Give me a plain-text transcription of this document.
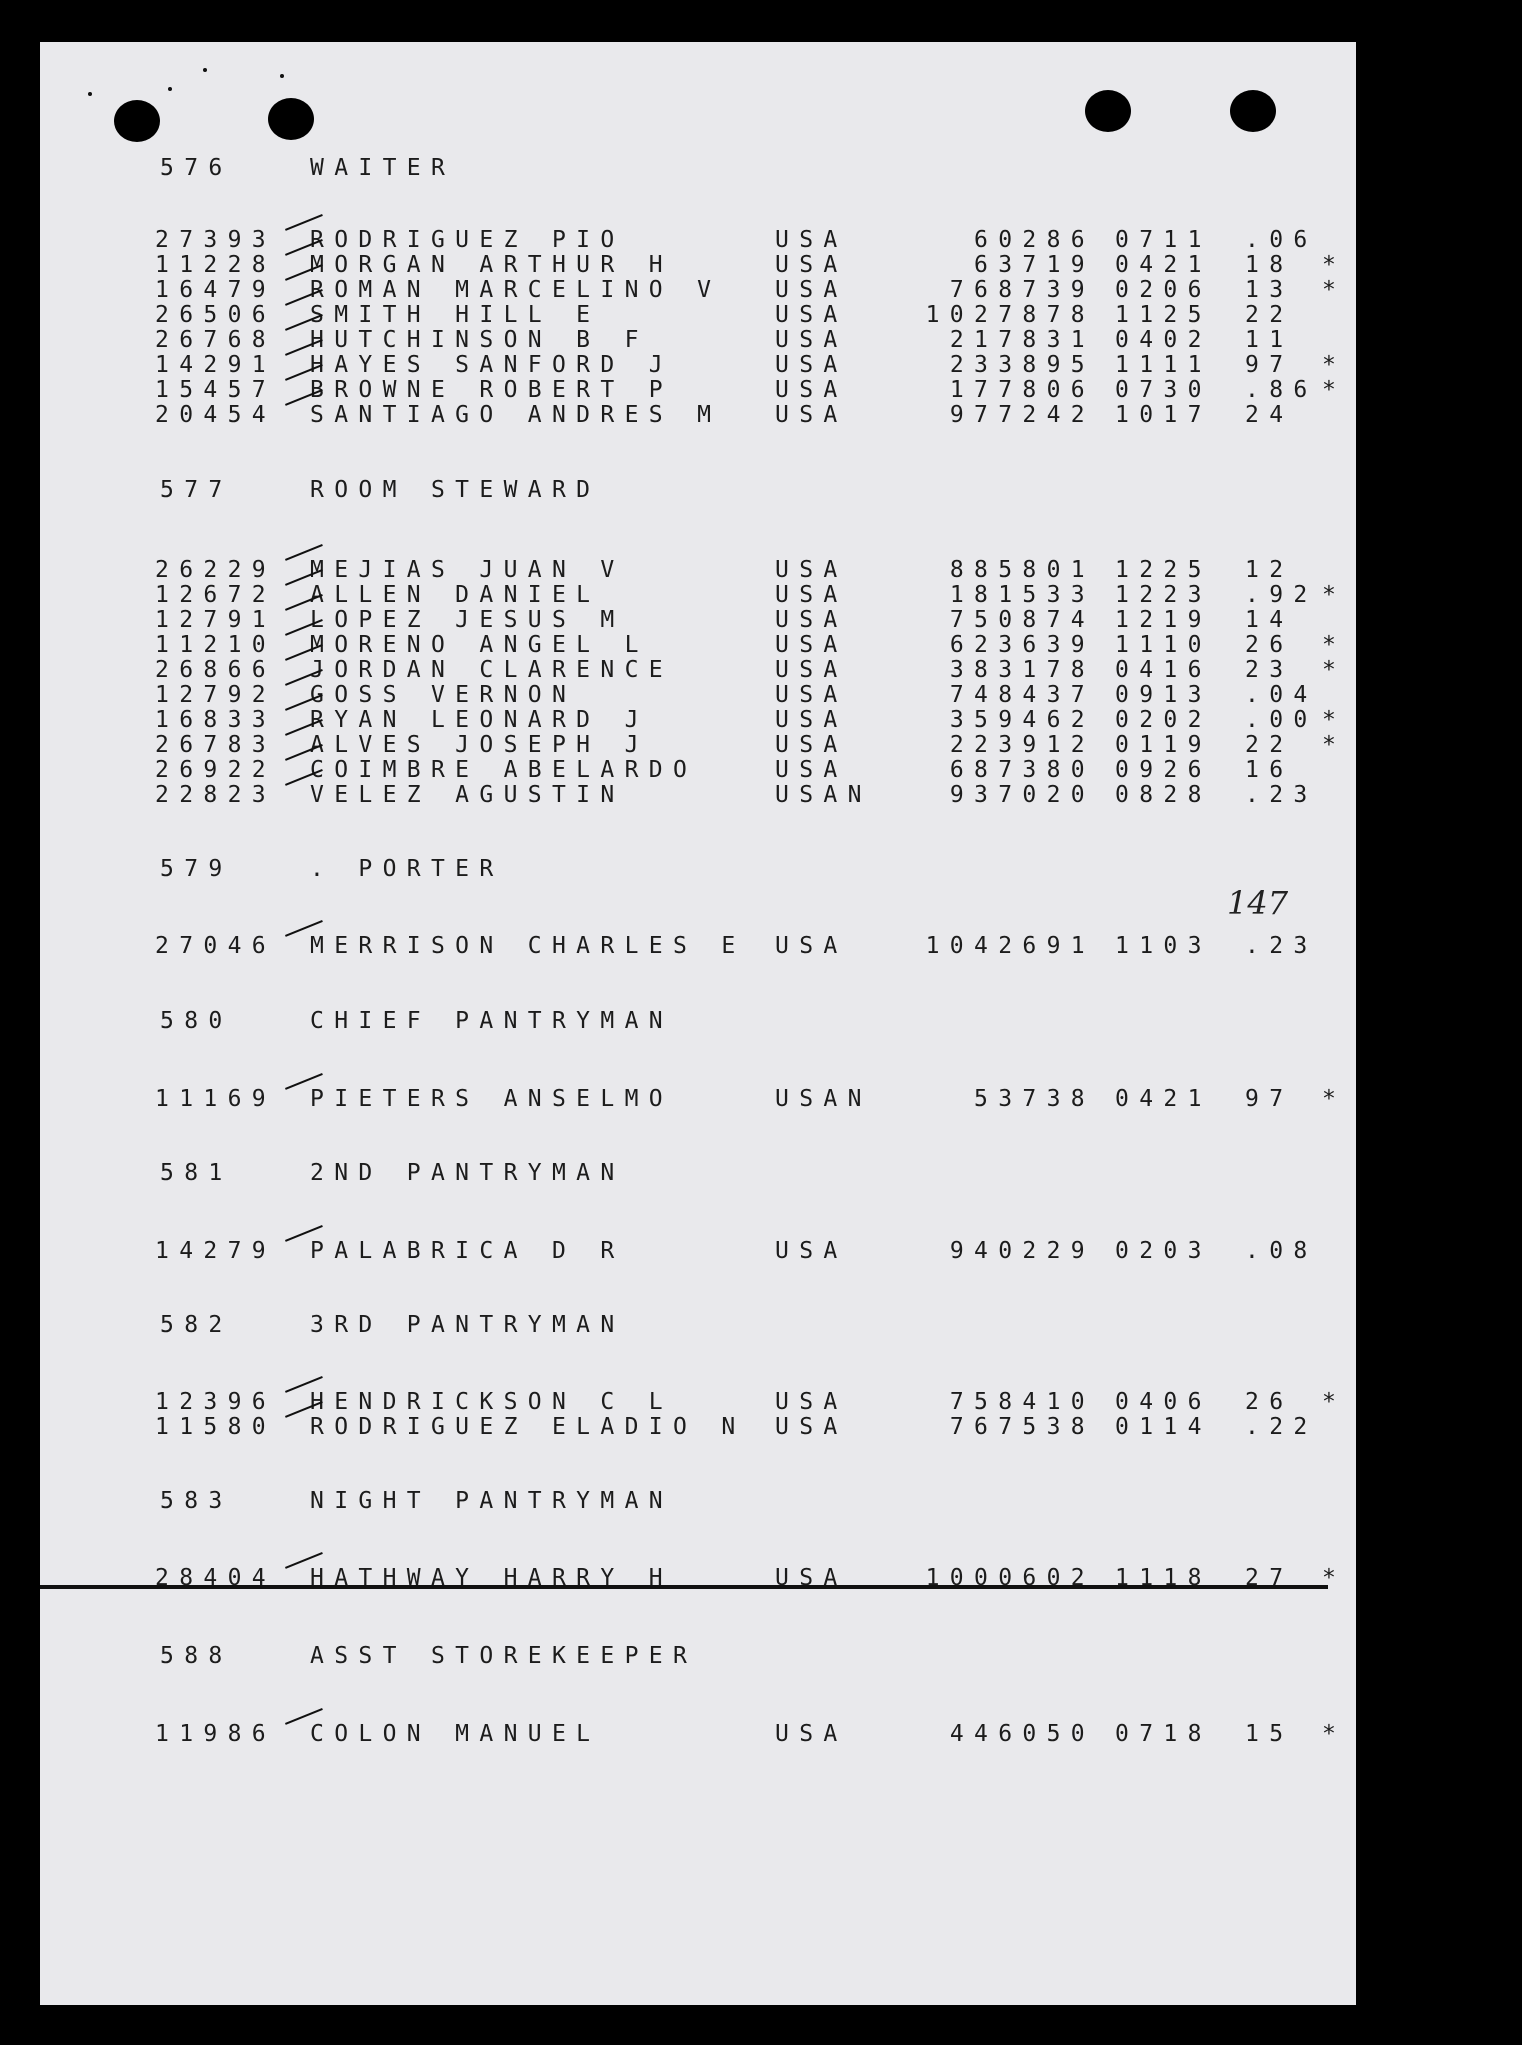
147
576	WAITER
27393 RODRIGUEZ PIO	USA	60286 0711 .06
11228 MORGAN ARTHUR H	USA	63719 0421 18 *
16479 ROMAN MARCELINO V USA	768739 0206 13 *
26506 SMITH HILL E	USA	1027878 1125 22
26768 HUTCHINSON B F	USA	217831 0402 11
14291 HAYES SANFORD J	USA	233895 1111 97 *
15457 BROWNE ROBERT P	USA	177806 0730 .86 *
20454 SANTIAGO ANDRES M USA	977242 1017 24
577	ROOM STEWARD
26229 MEJIAS JUAN V	USA	885801 1225 12
12672 ALLEN DANIEL	USA	181533 1223 .92 *
12791 LOPEZ JESUS M	USA	750874 1219 14
11210 MORENO ANGEL L	USA	623639 1110 26 *
26866 JORDAN CLARENCE	USA	383178 0416 23 *
12792 GOSS VERNON	USA	748437 0913 .04
16833 RYAN LEONARD J	USA	359462 0202 .00 *
26783 ALVES JOSEPH J	USA	223912 0119 22 *
26922 COIMBRE ABELARDO	USA	687380 0926 16
22823 VELEZ AGUSTIN	USAN	937020 0828 .23
579	. PORTER
27046 MERRISON CHARLES E USA	1042691 1103 .23
580	CHIEF PANTRYMAN
11169 PIETERS ANSELMO	USAN	53738 0421 97 *
581	2ND PANTRYMAN
14279 PALABRICA D R	USA	940229 0203 .08
582	3RD PANTRYMAN
12396 HENDRICKSON C L	USA	758410 0406 26 *
11580 RODRIGUEZ ELADIO N USA	767538 0114 .22
583	NIGHT PANTRYMAN
28404 HATHWAY HARRY H	USA	1000602 1118 27 *
588	ASST STOREKEEPER
11986 COLON MANUEL	USA	446050 0718 15 *
